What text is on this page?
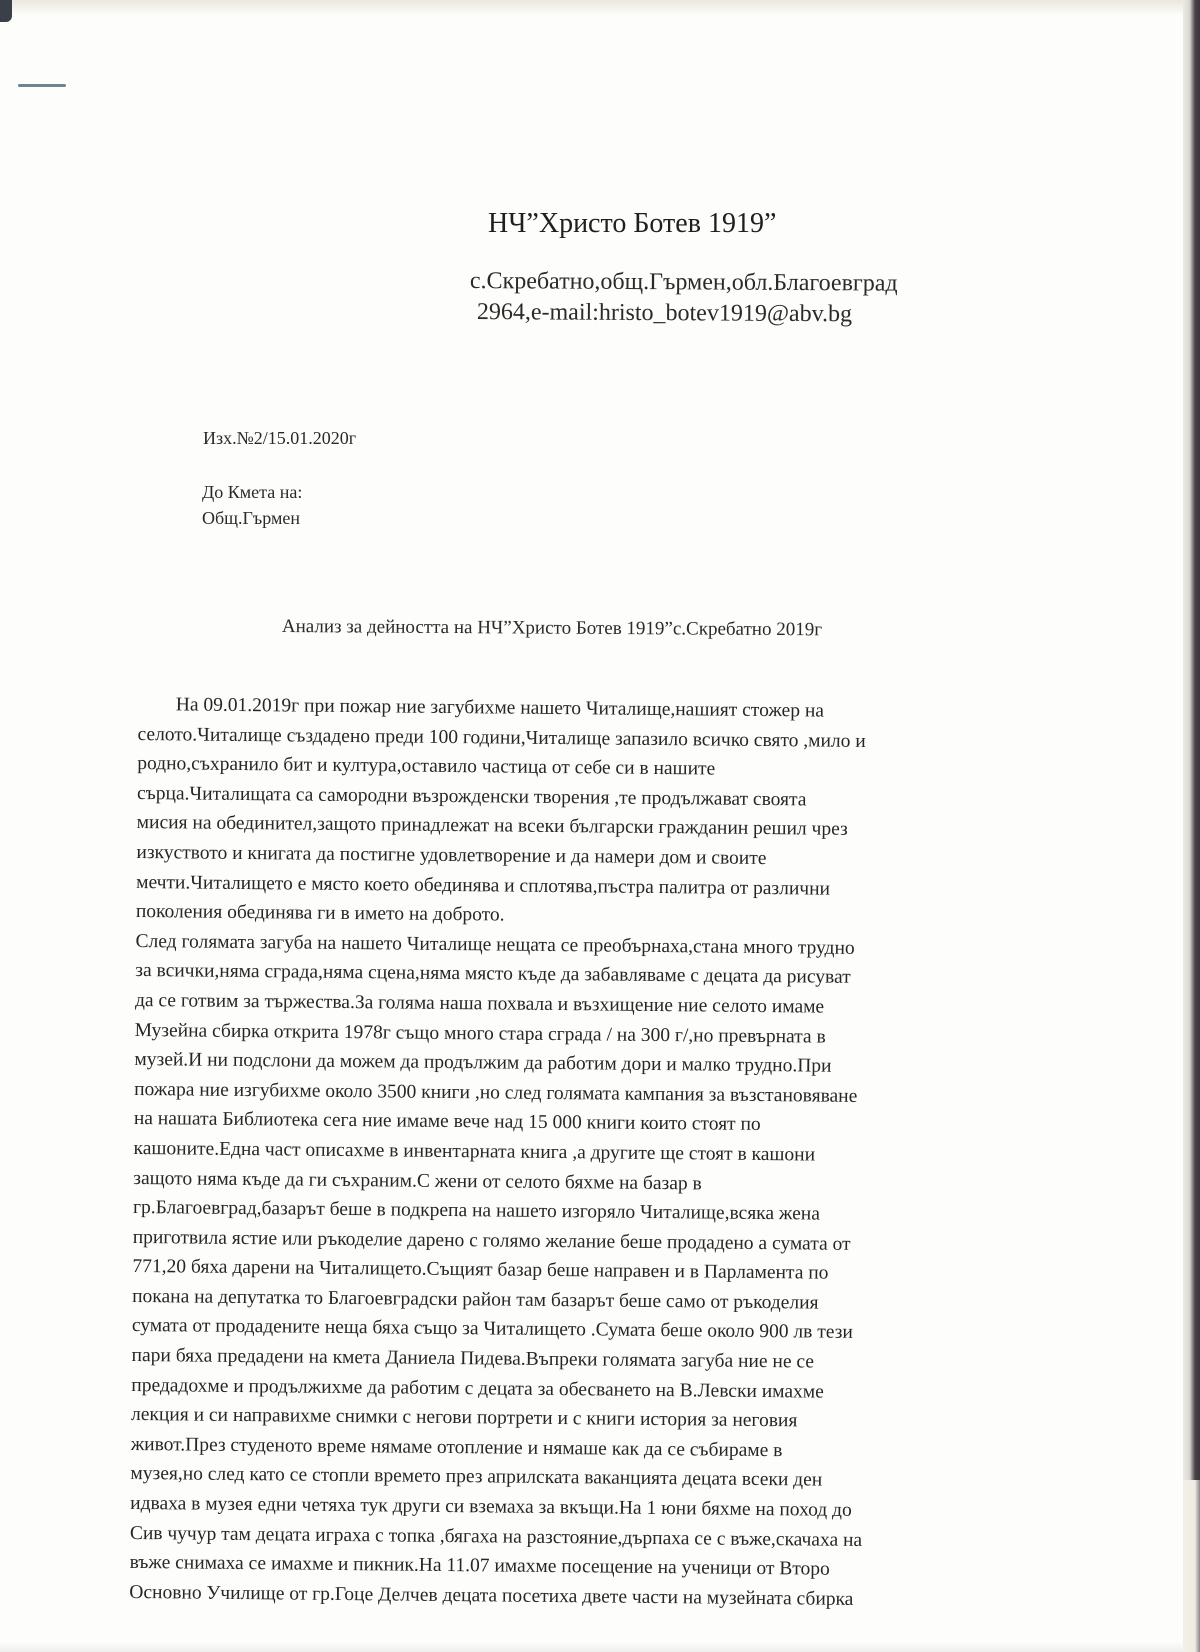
НЧ”Христо Ботев 1919”
с.Скребатно,общ.Гърмен,обл.Благоевград
2964,e-mail:hristo_botev1919@abv.bg
Изх.№2/15.01.2020г
До Кмета на:
Общ.Гърмен
Анализ за дейността на НЧ”Христо Ботев 1919”с.Скребатно 2019г
На 09.01.2019г при пожар ние загубихме нашето Читалище,нашият стожер на
селото.Читалище създадено преди 100 години,Читалище запазило всичко свято ,мило и
родно,съхранило бит и култура,оставило частица от себе си в нашите
сърца.Читалищата са самородни възрожденски творения ,те продължават своята
мисия на обединител,защото принадлежат на всеки български гражданин решил чрез
изкуството и книгата да постигне удовлетворение и да намери дом и своите
мечти.Читалището е място което обединява и сплотява,пъстра палитра от различни
поколения обединява ги в името на доброто.
След голямата загуба на нашето Читалище нещата се преобърнаха,стана много трудно
за всички,няма сграда,няма сцена,няма място къде да забавляваме с децата да рисуват
да се готвим за тържества.За голяма наша похвала и възхищение ние селото имаме
Музейна сбирка открита 1978г също много стара сграда / на 300 г/,но превърната в
музей.И ни подслони да можем да продължим да работим дори и малко трудно.При
пожара ние изгубихме около 3500 книги ,но след голямата кампания за възстановяване
на нашата Библиотека сега ние имаме вече над 15 000 книги които стоят по
кашоните.Една част описахме в инвентарната книга ,а другите ще стоят в кашони
защото няма къде да ги съхраним.С жени от селото бяхме на базар в
гр.Благоевград,базарът беше в подкрепа на нашето изгоряло Читалище,всяка жена
приготвила ястие или ръкоделие дарено с голямо желание беше продадено а сумата от
771,20 бяха дарени на Читалището.Същият базар беше направен и в Парламента по
покана на депутатка то Благоевградски район там базарът беше само от ръкоделия
сумата от продадените неща бяха също за Читалището .Сумата беше около 900 лв тези
пари бяха предадени на кмета Даниела Пидева.Въпреки голямата загуба ние не се
предадохме и продължихме да работим с децата за обесването на В.Левски имахме
лекция и си направихме снимки с негови портрети и с книги история за неговия
живот.През студеното време нямаме отопление и нямаше как да се събираме в
музея,но след като се стопли времето през априлската ваканцията децата всеки ден
идваха в музея едни четяха тук други си вземаха за вкъщи.На 1 юни бяхме на поход до
Сив чучур там децата играха с топка ,бягаха на разстояние,дърпаха се с въже,скачаха на
въже снимаха се имахме и пикник.На 11.07 имахме посещение на ученици от Второ
Основно Училище от гр.Гоце Делчев децата посетиха двете части на музейната сбирка
